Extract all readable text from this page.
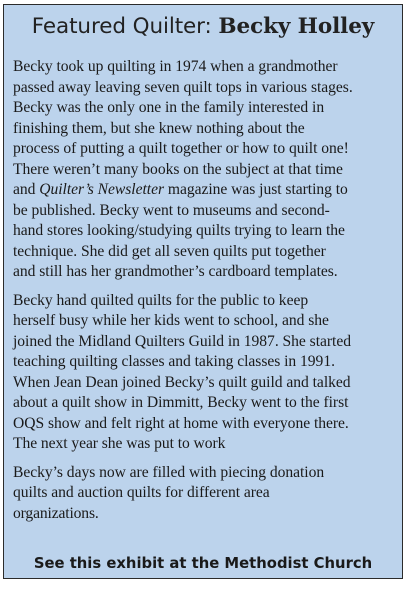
Featured Quilter: Becky Holley

Becky took up quilting in 1974 when a grandmother
passed away leaving seven quilt tops in various stages.
Becky was the only one in the family interested in
finishing them, but she knew nothing about the
process of putting a quilt together or how to quilt one!
There weren’t many books on the subject at that time
and Quilter’s Newsletter magazine was just starting to
be published. Becky went to museums and second-
hand stores looking/studying quilts trying to learn the
technique. She did get all seven quilts put together
and still has her grandmother’s cardboard templates.

Becky hand quilted quilts for the public to keep
herself busy while her kids went to school, and she
joined the Midland Quilters Guild in 1987. She started
teaching quilting classes and taking classes in 1991.
When Jean Dean joined Becky’s quilt guild and talked
about a quilt show in Dimmitt, Becky went to the first
OQS show and felt right at home with everyone there.
The next year she was put to work

Becky’s days now are filled with piecing donation
quilts and auction quilts for different area
organizations.

See this exhibit at the Methodist Church
